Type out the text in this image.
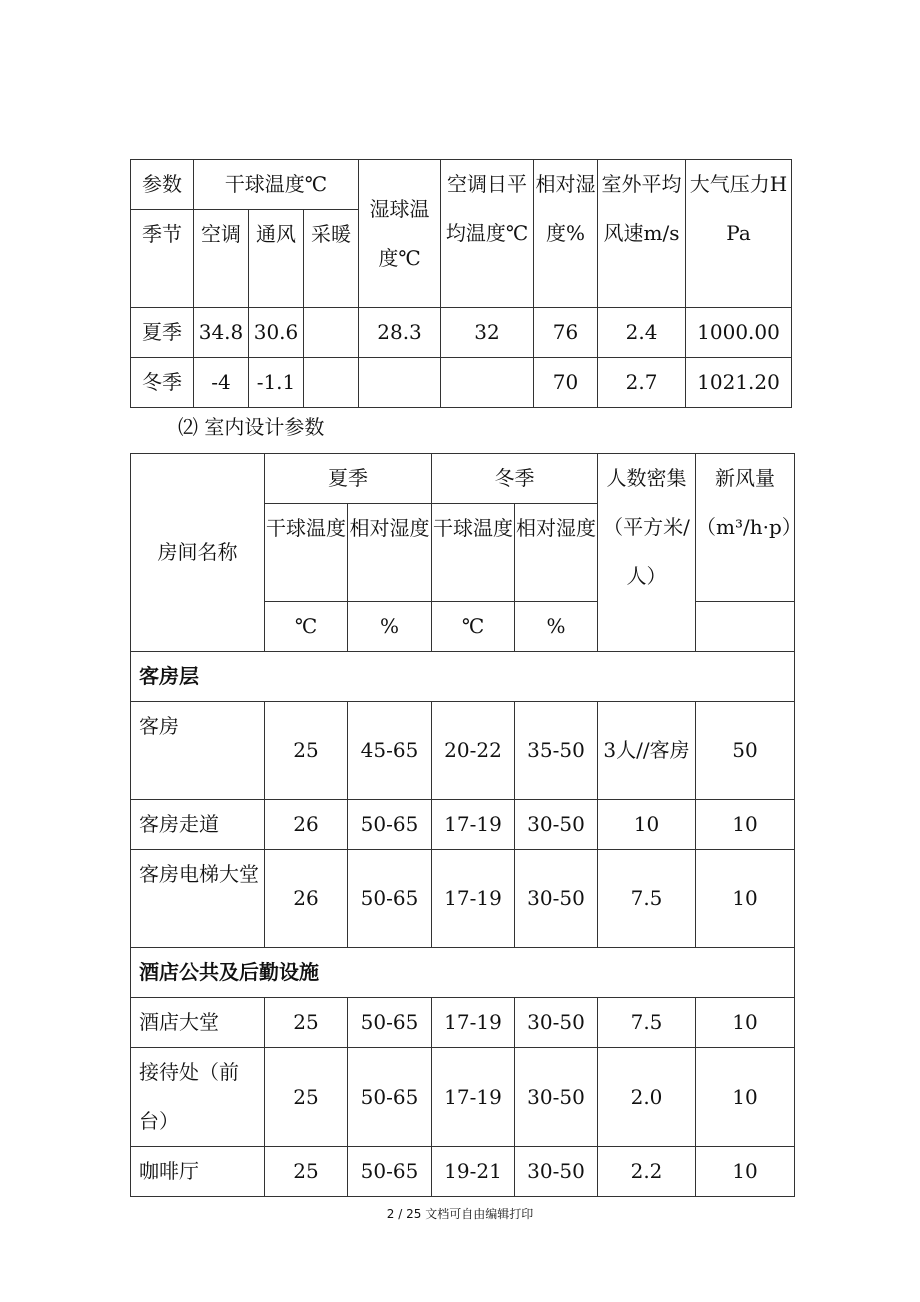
参数	干球温度℃			湿球温度℃	空调日平均温度℃	相对湿度%	室外平均风速m/s	大气压力HPa
季节	空调	通风	采暖					

夏季	34.8	30.6		28.3	32	76	2.4	1000.00
冬季	-4	-1.1				70	2.7	1021.20
⑵ 室内设计参数
房间名称	夏季		冬季		人数密集（平方米/人）	新风量（m³/h·p）
	干球温度	相对湿度	干球温度	相对湿度		

	℃	%	℃	%		
客房层						
客房	25	45-65	20-22	35-50	3人//客房	50
客房走道	26	50-65	17-19	30-50	10	10
客房电梯大堂	26	50-65	17-19	30-50	7.5	10
酒店公共及后勤设施						
酒店大堂	25	50-65	17-19	30-50	7.5	10
接待处（前台）	25	50-65	17-19	30-50	2.0	10
咖啡厅	25	50-65	19-21	30-50	2.2	10
2 / 25 文档可自由编辑打印
